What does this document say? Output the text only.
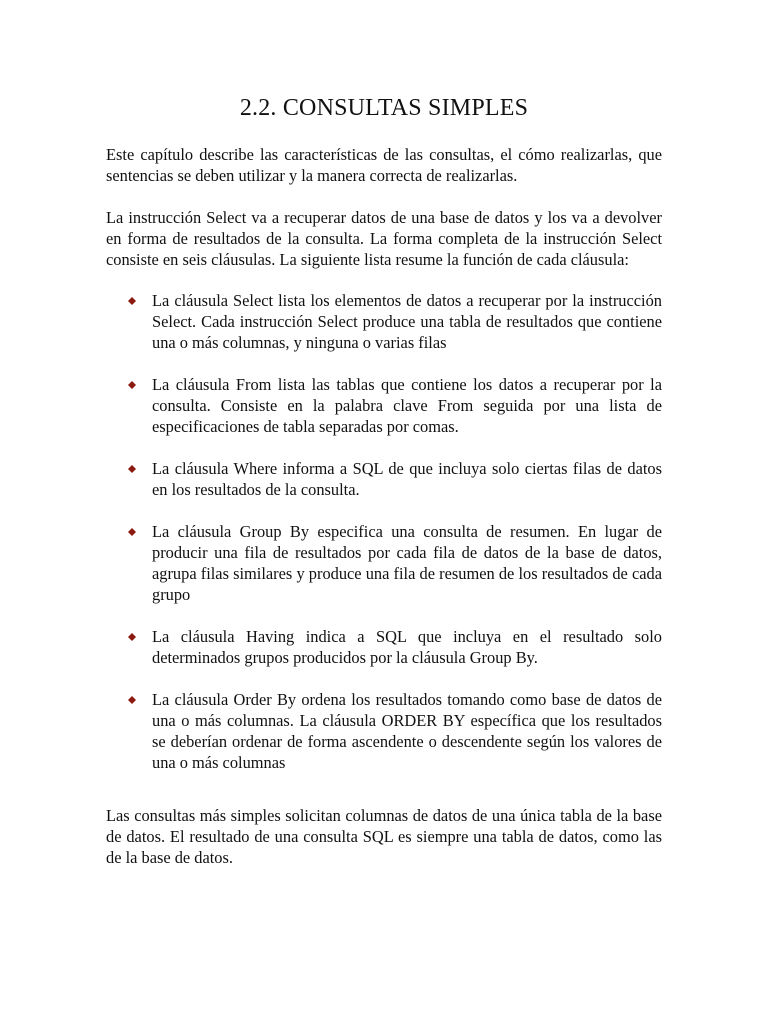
2.2. CONSULTAS SIMPLES

Este capítulo describe las características de las consultas, el cómo realizarlas, que sentencias se deben utilizar y la manera correcta de realizarlas.

La instrucción Select va a recuperar datos de una base de datos y los va a devolver en forma de resultados de la consulta. La forma completa de la instrucción Select consiste en seis cláusulas. La siguiente lista resume la función de cada cláusula:

La cláusula Select lista los elementos de datos a recuperar por la instrucción Select. Cada instrucción Select produce una tabla de resultados que contiene una o más columnas, y ninguna o varias filas
La cláusula From lista las tablas que contiene los datos a recuperar por la consulta. Consiste en la palabra clave From seguida por una lista de especificaciones de tabla separadas por comas.
La cláusula Where informa a SQL de que incluya solo ciertas filas de datos en los resultados de la consulta.
La cláusula Group By especifica una consulta de resumen. En lugar de producir una fila de resultados por cada fila de datos de la base de datos, agrupa filas similares y produce una fila de resumen de los resultados de cada grupo
La cláusula Having indica a SQL que incluya en el resultado solo determinados grupos producidos por la cláusula Group By.
La cláusula Order By ordena los resultados tomando como base de datos de una o más columnas. La cláusula ORDER BY específica que los resultados se deberían ordenar de forma ascendente o descendente según los valores de una o más columnas

Las consultas más simples solicitan columnas de datos de una única tabla de la base de datos. El resultado de una consulta SQL es siempre una tabla de datos, como las de la base de datos.
